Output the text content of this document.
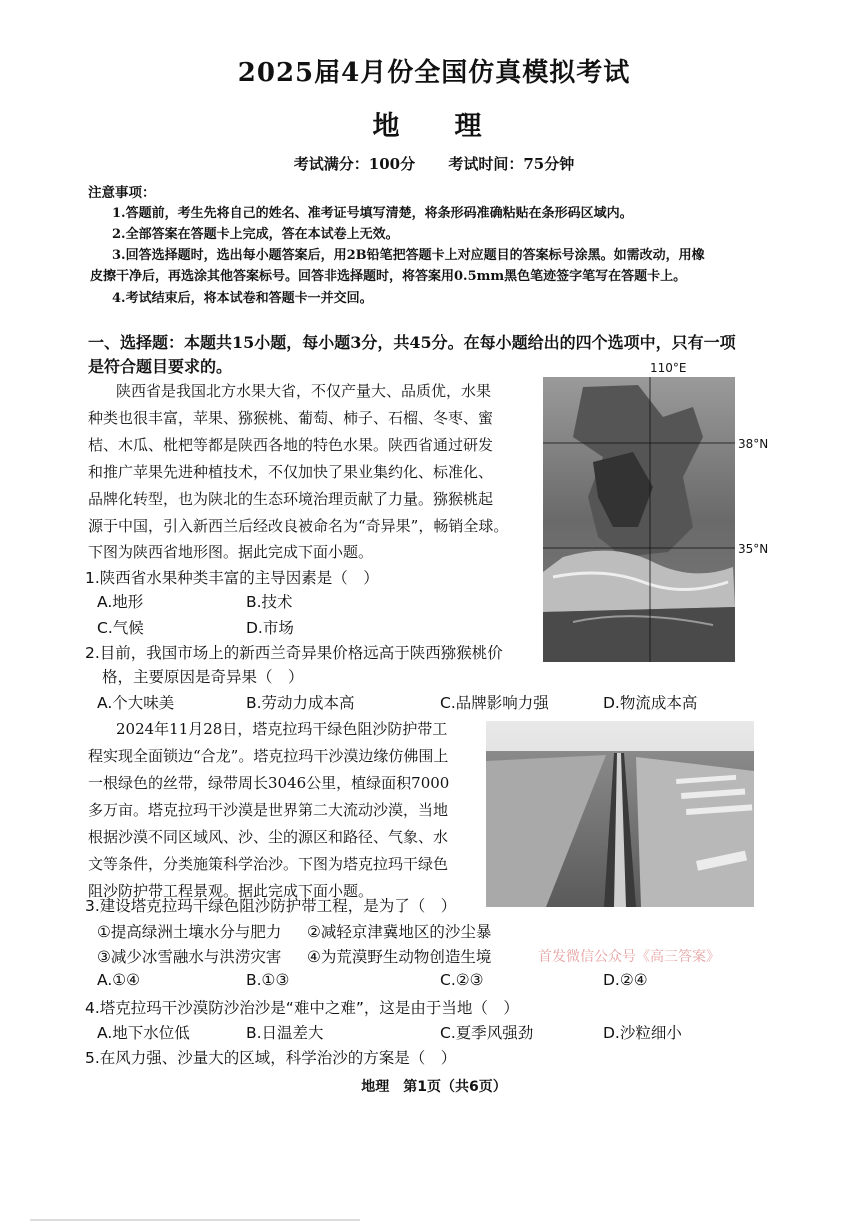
2025届4月份全国仿真模拟考试
地　理
考试满分：100分 考试时间：75分钟
注意事项：
1.答题前，考生先将自己的姓名、准考证号填写清楚，将条形码准确粘贴在条形码区域内。
2.全部答案在答题卡上完成，答在本试卷上无效。
3.回答选择题时，选出每小题答案后，用2B铅笔把答题卡上对应题目的答案标号涂黑。如需改动，用橡
皮擦干净后，再选涂其他答案标号。回答非选择题时，将答案用0.5mm黑色笔迹签字笔写在答题卡上。
4.考试结束后，将本试卷和答题卡一并交回。
一、选择题：本题共15小题，每小题3分，共45分。在每小题给出的四个选项中，只有一项
是符合题目要求的。
陕西省是我国北方水果大省，不仅产量大、品质优，水果
种类也很丰富，苹果、猕猴桃、葡萄、柿子、石榴、冬枣、蜜
桔、木瓜、枇杷等都是陕西各地的特色水果。陕西省通过研发
和推广苹果先进种植技术，不仅加快了果业集约化、标准化、
品牌化转型，也为陕北的生态环境治理贡献了力量。猕猴桃起
源于中国，引入新西兰后经改良被命名为“奇异果”，畅销全球。
下图为陕西省地形图。据此完成下面小题。
110°E
38°N
35°N
1.陕西省水果种类丰富的主导因素是（　）
A.地形	B.技术
C.气候	D.市场
2.目前，我国市场上的新西兰奇异果价格远高于陕西猕猴桃价
格，主要原因是奇异果（　）
A.个大味美	B.劳动力成本高	C.品牌影响力强	D.物流成本高
2024年11月28日，塔克拉玛干绿色阻沙防护带工
程实现全面锁边“合龙”。塔克拉玛干沙漠边缘仿佛围上
一根绿色的丝带，绿带周长3046公里，植绿面积7000
多万亩。塔克拉玛干沙漠是世界第二大流动沙漠，当地
根据沙漠不同区域风、沙、尘的源区和路径、气象、水
文等条件，分类施策科学治沙。下图为塔克拉玛干绿色
阻沙防护带工程景观。据此完成下面小题。
3.建设塔克拉玛干绿色阻沙防护带工程，是为了（　）
①提高绿洲土壤水分与肥力 ②减轻京津冀地区的沙尘暴
③减少冰雪融水与洪涝灾害 ④为荒漠野生动物创造生境	首发微信公众号《高三答案》
A.①④	B.①③	C.②③	D.②④
4.塔克拉玛干沙漠防沙治沙是“难中之难”，这是由于当地（　）
A.地下水位低	B.日温差大	C.夏季风强劲	D.沙粒细小
5.在风力强、沙量大的区域，科学治沙的方案是（　）
地理　第1页（共6页）
